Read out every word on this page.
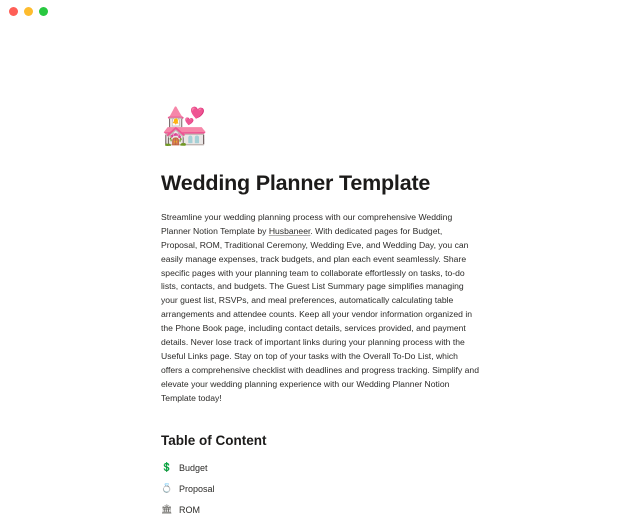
💒
Wedding Planner Template

Streamline your wedding planning process with our comprehensive Wedding Planner Notion Template by Husbaneer. With dedicated pages for Budget, Proposal, ROM, Traditional Ceremony, Wedding Eve, and Wedding Day, you can easily manage expenses, track budgets, and plan each event seamlessly. Share specific pages with your planning team to collaborate effortlessly on tasks, to-do lists, contacts, and budgets. The Guest List Summary page simplifies managing your guest list, RSVPs, and meal preferences, automatically calculating table arrangements and attendee counts. Keep all your vendor information organized in the Phone Book page, including contact details, services provided, and payment details. Never lose track of important links during your planning process with the Useful Links page. Stay on top of your tasks with the Overall To-Do List, which offers a comprehensive checklist with deadlines and progress tracking. Simplify and elevate your wedding planning experience with our Wedding Planner Notion Template today!

Table of Content
💲 Budget
💍 Proposal
🏛 ROM
